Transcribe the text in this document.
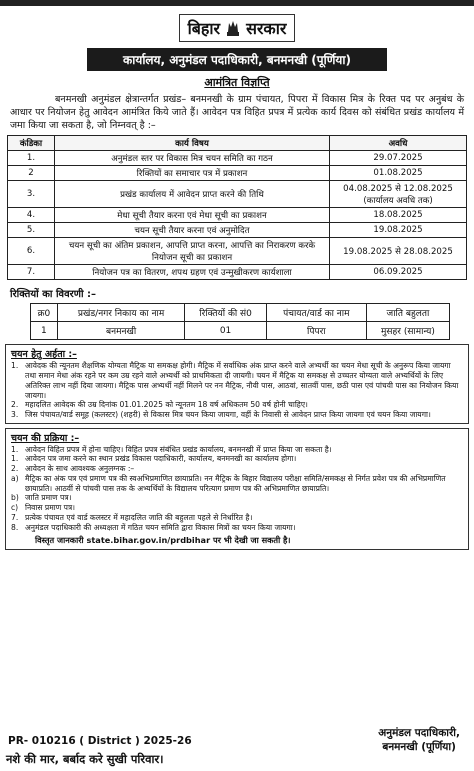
बिहार सरकार
कार्यालय, अनुमंडल पदाधिकारी, बनमनखी (पूर्णिया)
आमंत्रित विज्ञप्ति
बनमनखी अनुमंडल क्षेत्रान्तर्गत प्रखंड– बनमनखी के ग्राम पंचायत, पिपरा में विकास मित्र के रिक्त पद पर अनुबंध के आधार पर नियोजन हेतु आवेदन आमंत्रित किये जाते हैं। आवेदन पत्र विहित प्रपत्र में प्रत्येक कार्य दिवस को संबंधित प्रखंड कार्यालय में जमा किया जा सकता है, जो निम्नवत् है :–
कंडिका	कार्य विषय	अवधि
1.	अनुमंडल स्तर पर विकास मित्र चयन समिति का गठन	29.07.2025
2	रिक्तियों का समाचार पत्र में प्रकाशन	01.08.2025
3.	प्रखंड कार्यालय में आवेदन प्राप्त करने की तिथि	04.08.2025 से 12.08.2025 (कार्यालय अवधि तक)
4.	मेधा सूची तैयार करना एवं मेधा सूची का प्रकाशन	18.08.2025
5.	चयन सूची तैयार करना एवं अनुमोदित	19.08.2025
6.	चयन सूची का अंतिम प्रकाशन, आपत्ति प्राप्त करना, आपत्ति का निराकरण करके नियोजन सूची का प्रकाशन	19.08.2025 से 28.08.2025
7.	नियोजन पत्र का वितरण, शपथ ग्रहण एवं उन्मुखीकरण कार्यशाला	06.09.2025
रिक्तियों का विवरणी :–
क्र0	प्रखंड/नगर निकाय का नाम	रिक्तियों की सं0	पंचायत/वार्ड का नाम	जाति बहुलता
1	बनमनखी	01	पिपरा	मुसहर (सामान्य)
चयन हेतु अर्हता :–
1. आवेदक की न्यूनतम शैक्षणिक योग्यता मैट्रिक या समकक्ष होगी। मैट्रिक में सर्वाधिक अंक प्राप्त करने वाले अभ्यर्थी का चयन मेधा सूची के अनुरूप किया जायगा तथा समान मेधा अंक रहने पर कम उम्र रहने वाले अभ्यर्थी को प्राथमिकता दी जायगी। चयन में मैट्रिक या समकक्ष से उच्चतर योग्यता वाले अभ्यर्थियों के लिए अतिरिक्त लाभ नहीं दिया जायगा। मैट्रिक पास अभ्यर्थी नहीं मिलने पर नन मैट्रिक, नौवी पास, आठवां, सातवीं पास, छठी पास एवं पांचवी पास का नियोजन किया जायगा।
2. महादलित आवेदक की उम्र दिनांक 01.01.2025 को न्यूनतम 18 वर्ष अधिकतम 50 वर्ष होनी चाहिए।
3. जिस पंचायत/वार्ड समूह (कलस्टर) (शहरी) से विकास मित्र चयन किया जायगा, वहीं के निवासी से आवेदन प्राप्त किया जायगा एवं चयन किया जायगा।
चयन की प्रक्रिया :–
1. आवेदन विहित प्रपत्र में होना चाहिए। विहित प्रपत्र संबंधित प्रखंड कार्यालय, बनमनखी में प्राप्त किया जा सकता है।
1. आवेदन पत्र जमा करने का स्थान प्रखंड विकास पदाधिकारी, कार्यालय, बनमनखी का कार्यालय होगा।
2. आवेदन के साथ आवश्यक अनुलग्नक :–
a) मैट्रिक का अंक पत्र एवं प्रमाण पत्र की स्वअभिप्रमाणित छायाप्रति। नन मैट्रिक के बिहार विद्यालय परीक्षा समिति/समकक्ष से निर्गत प्रवेश पत्र की अभिप्रमाणित छायाप्रति। आठवीं से पांचवी पास तक के अभ्यर्थियों के विद्यालय परित्याग प्रमाण पत्र की अभिप्रमाणित छायाप्रति।
b) जाति प्रमाण पत्र।
c) निवास प्रमाण पत्र।
7. प्रत्येक पंचायत एवं वार्ड कलस्टर में महादलित जाति की बहुलता पहले से निर्धारित है।
8. अनुमंडल पदाधिकारी की अध्यक्षता में गठित चयन समिति द्वारा विकास मित्रों का चयन किया जायगा।
विस्तृत जानकारी state.bihar.gov.in/prdbihar पर भी देखी जा सकती है।
PR- 010216 ( District ) 2025-26
अनुमंडल पदाधिकारी,
बनमनखी (पूर्णिया)
नशे की मार, बर्बाद करे सुखी परिवार।
